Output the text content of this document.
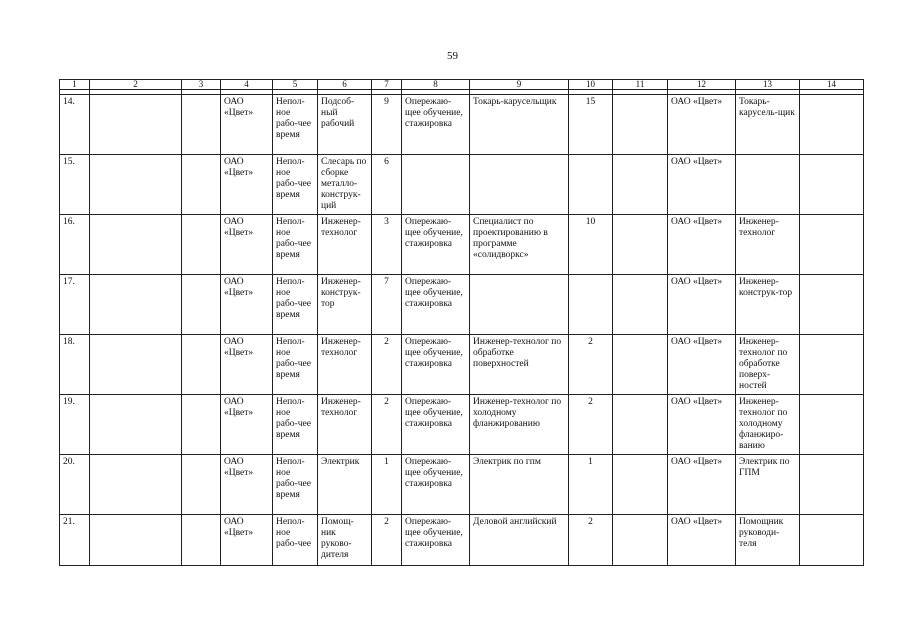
59
1	2	3	4	5	6	7	8	9	10	11	12	13	14

14.			ОАО «Цвет»	Непол-ное рабо-чее время	Подсоб-ный рабочий	9	Опережаю-щее обучение, стажировка	Токарь-карусельщик	15		ОАО «Цвет»	Токарь-карусель-щик	
15.			ОАО «Цвет»	Непол-ное рабо-чее время	Слесарь по сборке металло-конструк-ций	6					ОАО «Цвет»		
16.			ОАО «Цвет»	Непол-ное рабо-чее время	Инженер-технолог	3	Опережаю-щее обучение, стажировка	Специалист по проектированию в программе «солидворкс»	10		ОАО «Цвет»	Инженер-технолог	
17.			ОАО «Цвет»	Непол-ное рабо-чее время	Инженер-конструк-тор	7	Опережаю-щее обучение, стажировка				ОАО «Цвет»	Инженер-конструк-тор	
18.			ОАО «Цвет»	Непол-ное рабо-чее время	Инженер-технолог	2	Опережаю-щее обучение, стажировка	Инженер-технолог по обработке поверхностей	2		ОАО «Цвет»	Инженер-технолог по обработке поверх-ностей	
19.			ОАО «Цвет»	Непол-ное рабо-чее время	Инженер-технолог	2	Опережаю-щее обучение, стажировка	Инженер-технолог по холодному фланжированию	2		ОАО «Цвет»	Инженер-технолог по холодному фланжиро-ванию	
20.			ОАО «Цвет»	Непол-ное рабо-чее время	Электрик	1	Опережаю-щее обучение, стажировка	Электрик по гпм	1		ОАО «Цвет»	Электрик по ГПМ	
21.			ОАО «Цвет»	Непол-ное рабо-чее	Помощ-ник руково-дителя	2	Опережаю-щее обучение, стажировка	Деловой английский	2		ОАО «Цвет»	Помощник руководи-теля	
